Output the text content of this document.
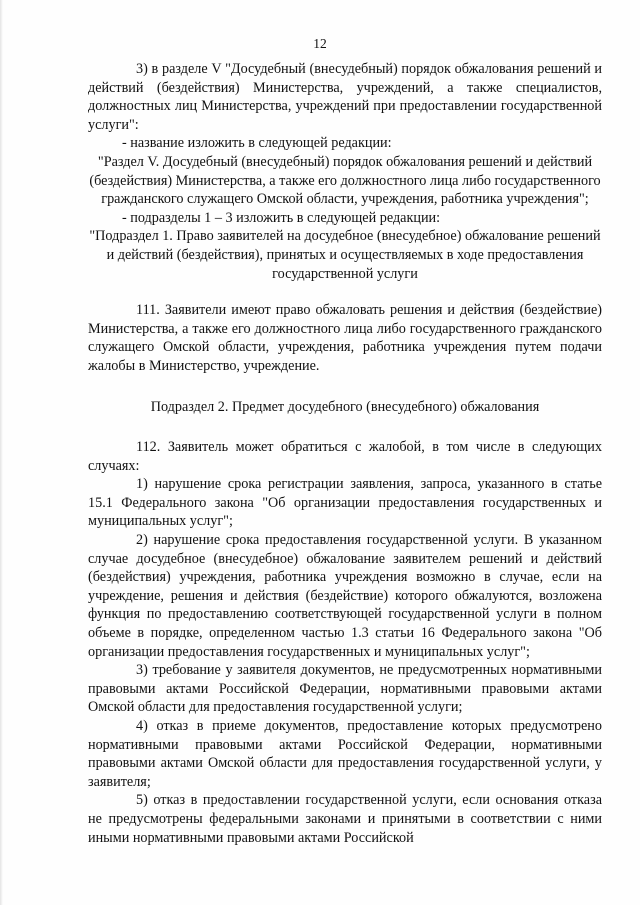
12

3) в разделе V "Досудебный (внесудебный) порядок обжалования решений и действий (бездействия) Министерства, учреждений, а также специалистов, должностных лиц Министерства, учреждений при предоставлении государственной услуги":

- название изложить в следующей редакции:

"Раздел V. Досудебный (внесудебный) порядок обжалования решений и действий (бездействия) Министерства, а также его должностного лица либо государственного гражданского служащего Омской области, учреждения, работника учреждения";

- подразделы 1 – 3 изложить в следующей редакции:

"Подраздел 1. Право заявителей на досудебное (внесудебное) обжалование решений и действий (бездействия), принятых и осуществляемых в ходе предоставления государственной услуги

111. Заявители имеют право обжаловать решения и действия (бездействие) Министерства, а также его должностного лица либо государственного гражданского служащего Омской области, учреждения, работника учреждения путем подачи жалобы в Министерство, учреждение.

Подраздел 2. Предмет досудебного (внесудебного) обжалования

112. Заявитель может обратиться с жалобой, в том числе в следующих случаях:

1) нарушение срока регистрации заявления, запроса, указанного в статье 15.1 Федерального закона "Об организации предоставления государственных и муниципальных услуг";

2) нарушение срока предоставления государственной услуги. В указанном случае досудебное (внесудебное) обжалование заявителем решений и действий (бездействия) учреждения, работника учреждения возможно в случае, если на учреждение, решения и действия (бездействие) которого обжалуются, возложена функция по предоставлению соответствующей государственной услуги в полном объеме в порядке, определенном частью 1.3 статьи 16 Федерального закона "Об организации предоставления государственных и муниципальных услуг";

3) требование у заявителя документов, не предусмотренных нормативными правовыми актами Российской Федерации, нормативными правовыми актами Омской области для предоставления государственной услуги;

4) отказ в приеме документов, предоставление которых предусмотрено нормативными правовыми актами Российской Федерации, нормативными правовыми актами Омской области для предоставления государственной услуги, у заявителя;

5) отказ в предоставлении государственной услуги, если основания отказа не предусмотрены федеральными законами и принятыми в соответствии с ними иными нормативными правовыми актами Российской
